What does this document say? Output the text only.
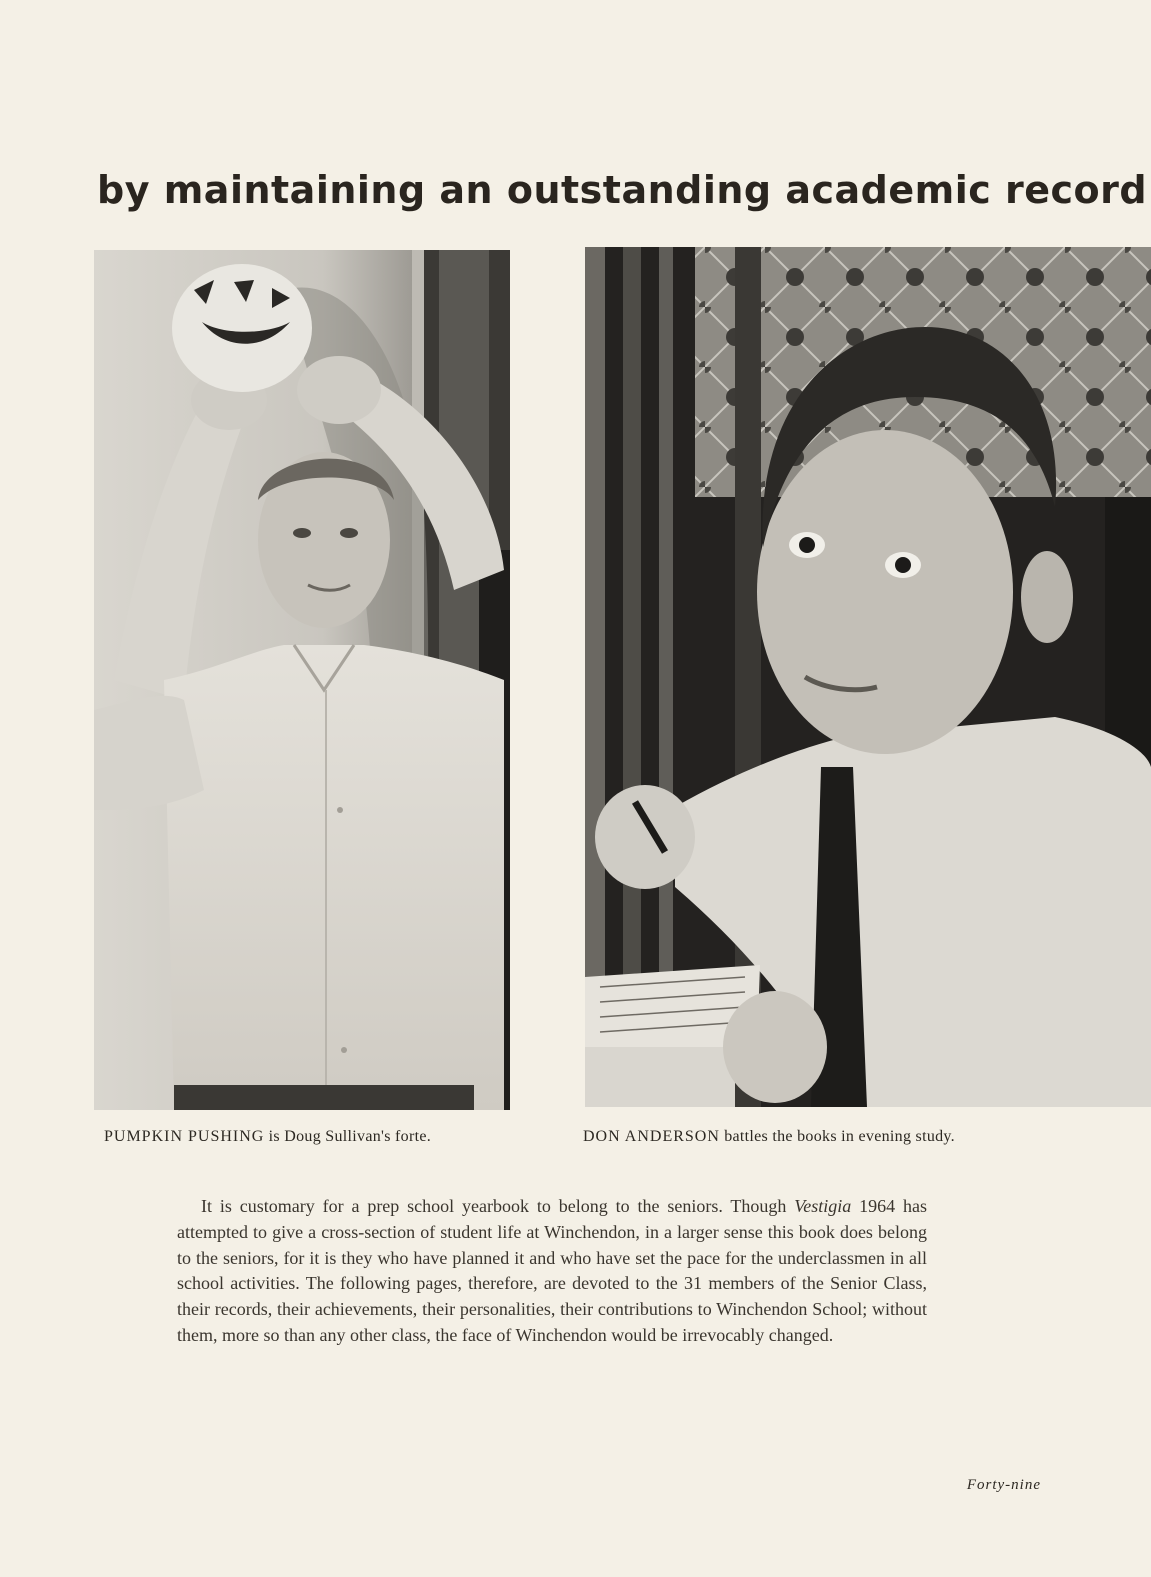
by maintaining an outstanding academic record

PUMPKIN PUSHING is Doug Sullivan's forte.	DON ANDERSON battles the books in evening study.

It is customary for a prep school yearbook to belong to the seniors. Though Vestigia 1964 has attempted to give a cross-section of student life at Winchendon, in a larger sense this book does belong to the seniors, for it is they who have planned it and who have set the pace for the underclassmen in all school activities. The following pages, therefore, are devoted to the 31 members of the Senior Class, their records, their achievements, their personalities, their contributions to Winchendon School; without them, more so than any other class, the face of Winchendon would be irrevocably changed.

Forty-nine
